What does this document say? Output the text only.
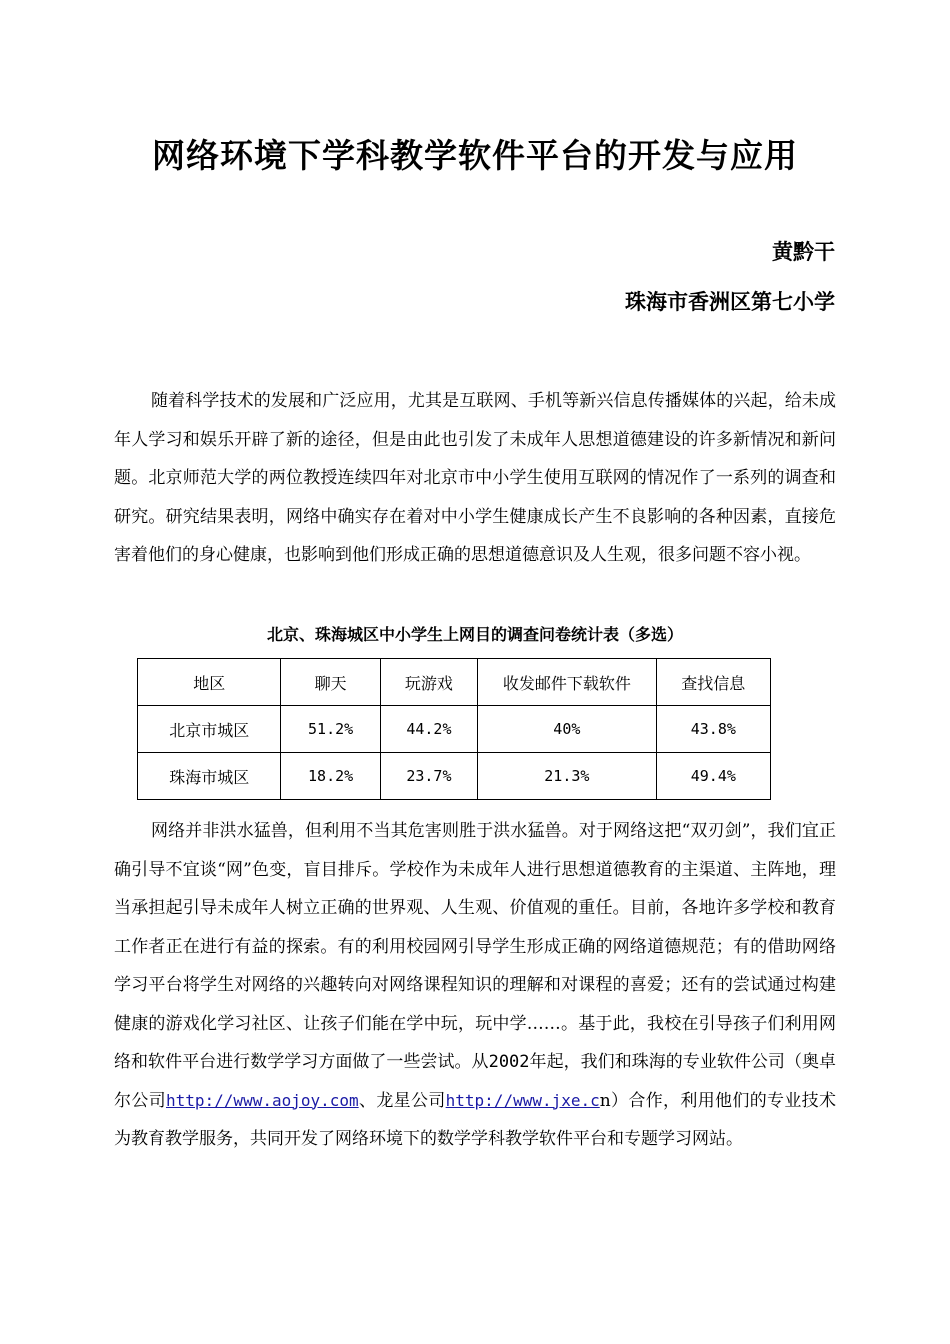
网络环境下学科教学软件平台的开发与应用

黄黔干

珠海市香洲区第七小学

随着科学技术的发展和广泛应用，尤其是互联网、手机等新兴信息传播媒体的兴起，给未成年人学习和娱乐开辟了新的途径，但是由此也引发了未成年人思想道德建设的许多新情况和新问题。北京师范大学的两位教授连续四年对北京市中小学生使用互联网的情况作了一系列的调查和研究。研究结果表明，网络中确实存在着对中小学生健康成长产生不良影响的各种因素，直接危害着他们的身心健康，也影响到他们形成正确的思想道德意识及人生观，很多问题不容小视。

北京、珠海城区中小学生上网目的调查问卷统计表（多选）

地区	聊天	玩游戏	收发邮件下载软件	查找信息
北京市城区	51.2%	44.2%	40%	43.8%
珠海市城区	18.2%	23.7%	21.3%	49.4%

网络并非洪水猛兽，但利用不当其危害则胜于洪水猛兽。对于网络这把“双刃剑”，我们宜正确引导不宜谈“网”色变，盲目排斥。学校作为未成年人进行思想道德教育的主渠道、主阵地，理当承担起引导未成年人树立正确的世界观、人生观、价值观的重任。目前，各地许多学校和教育工作者正在进行有益的探索。有的利用校园网引导学生形成正确的网络道德规范；有的借助网络学习平台将学生对网络的兴趣转向对网络课程知识的理解和对课程的喜爱；还有的尝试通过构建健康的游戏化学习社区、让孩子们能在学中玩，玩中学……。基于此，我校在引导孩子们利用网络和软件平台进行数学学习方面做了一些尝试。从2002年起，我们和珠海的专业软件公司（奥卓尔公司http://www.aojoy.com、龙星公司http://www.jxe.cn）合作，利用他们的专业技术为教育教学服务，共同开发了网络环境下的数学学科教学软件平台和专题学习网站。
